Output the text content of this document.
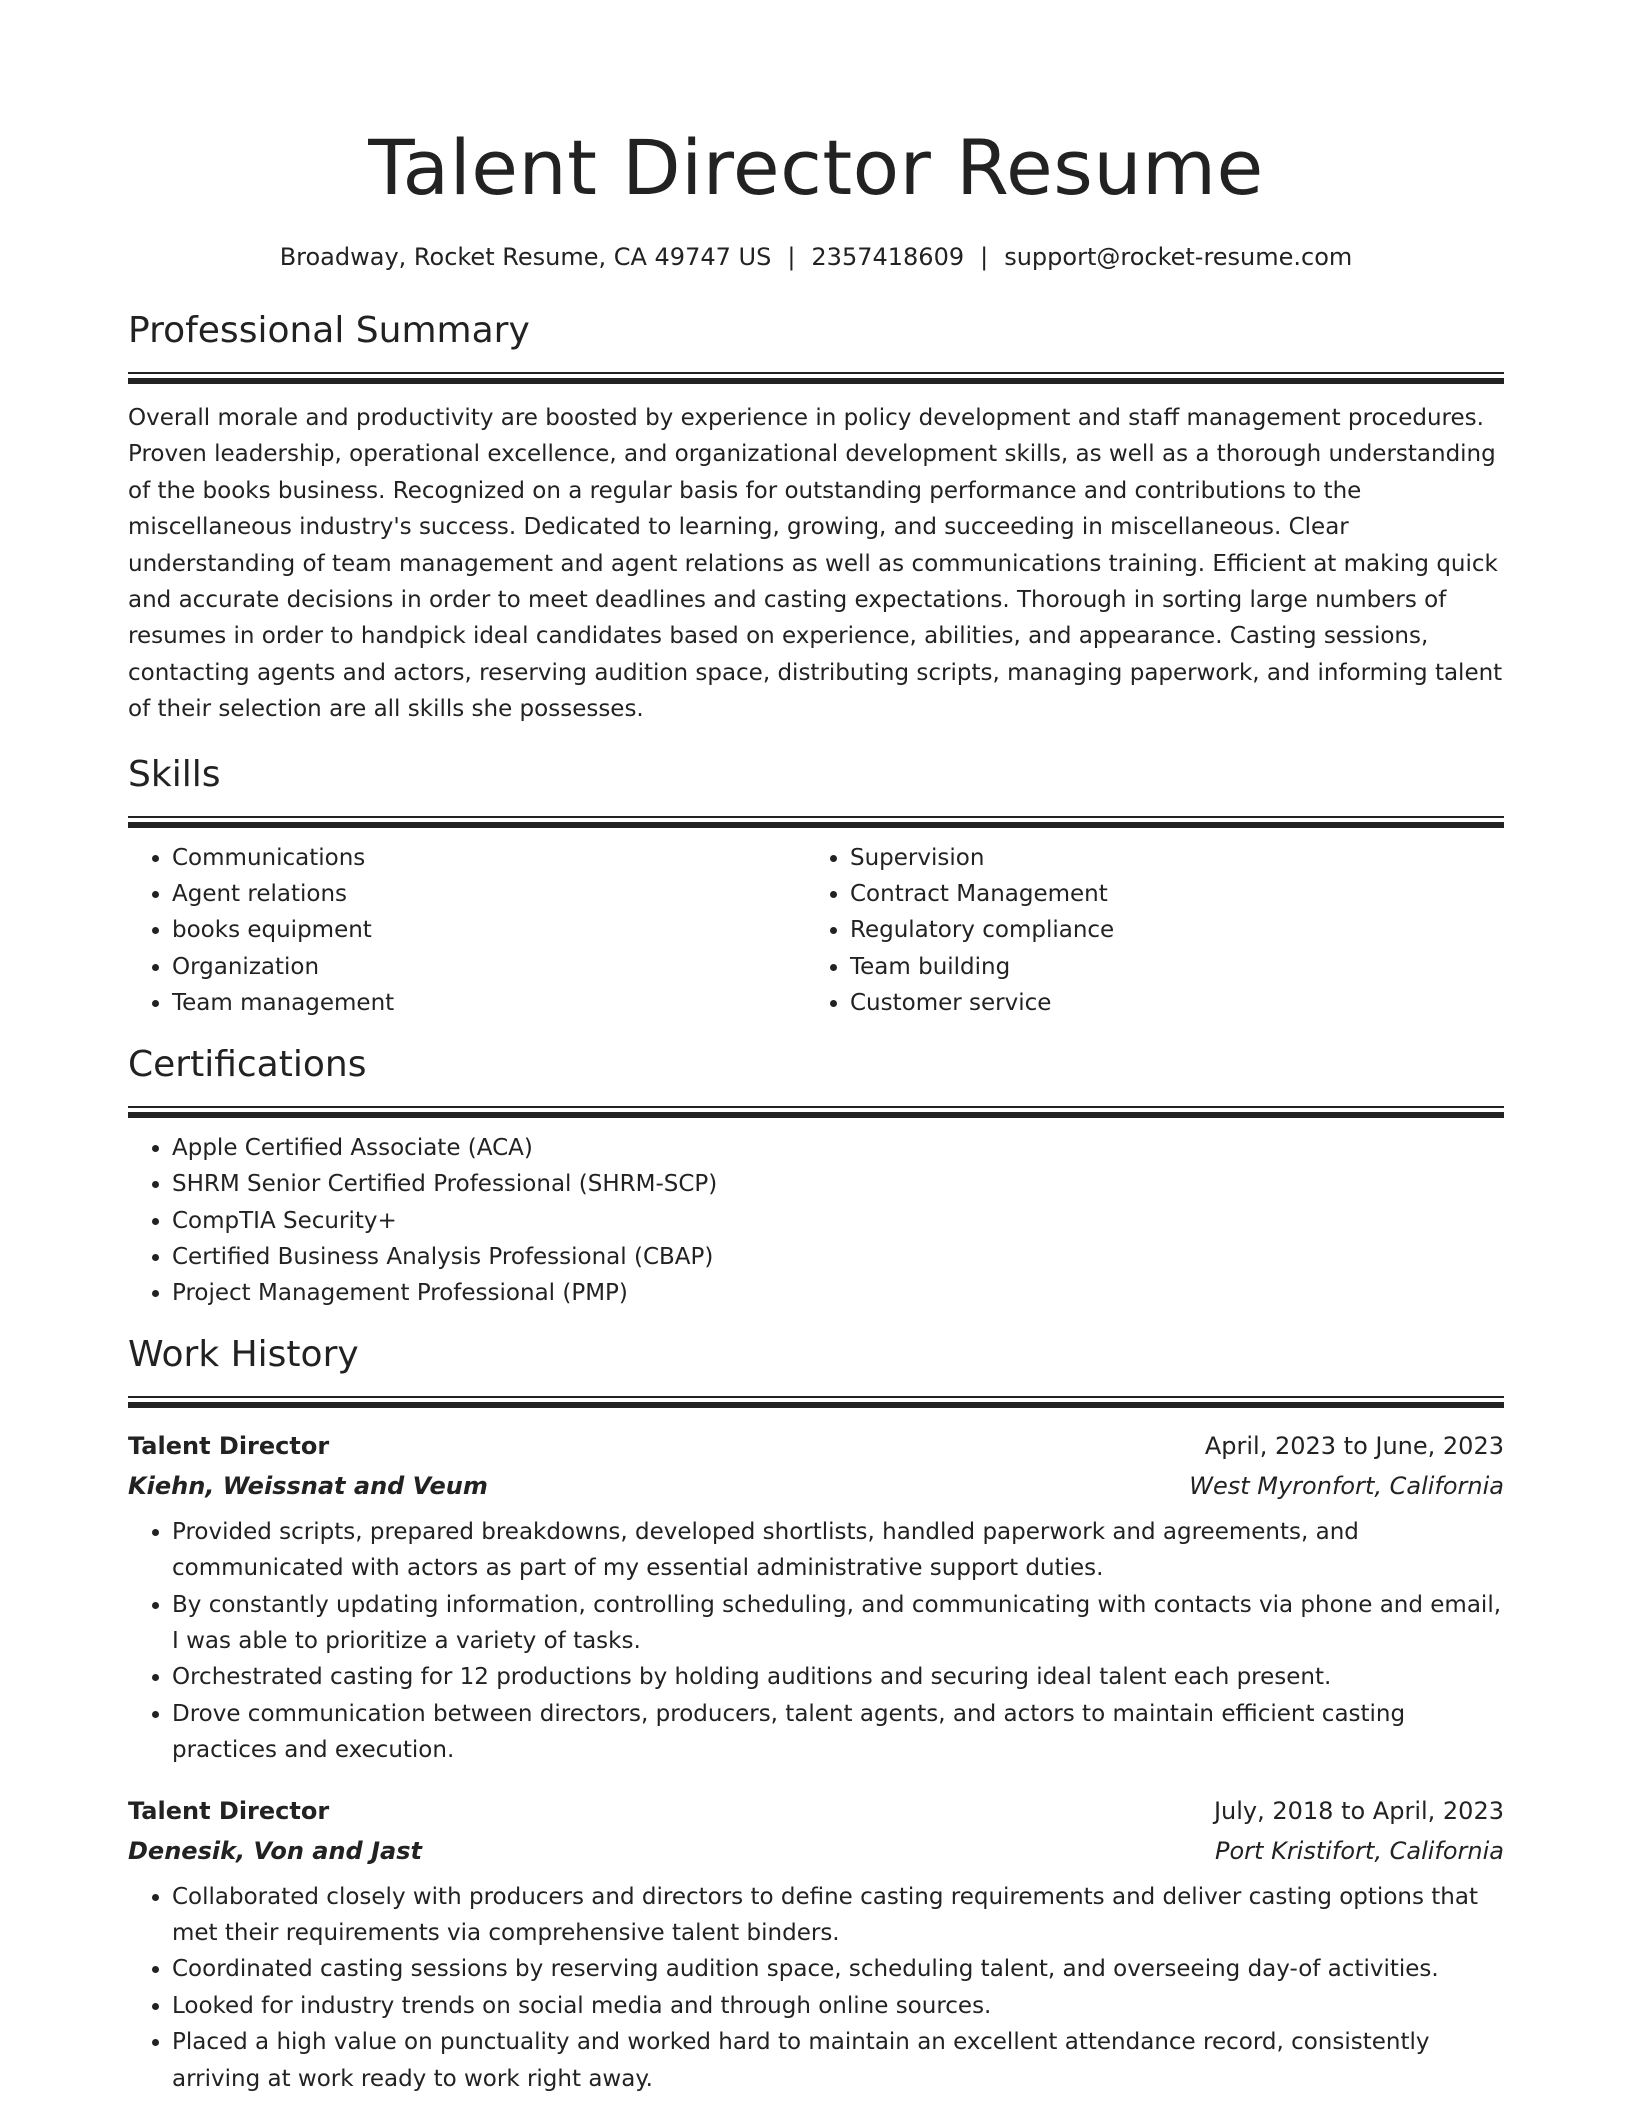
Talent Director Resume
Broadway, Rocket Resume, CA 49747 US | 2357418609 | support@rocket-resume.com
Professional Summary

Overall morale and productivity are boosted by experience in policy development and staff management procedures. Proven leadership, operational excellence, and organizational development skills, as well as a thorough understanding of the books business. Recognized on a regular basis for outstanding performance and contributions to the miscellaneous industry's success. Dedicated to learning, growing, and succeeding in miscellaneous. Clear understanding of team management and agent relations as well as communications training. Efficient at making quick and accurate decisions in order to meet deadlines and casting expectations. Thorough in sorting large numbers of resumes in order to handpick ideal candidates based on experience, abilities, and appearance. Casting sessions, contacting agents and actors, reserving audition space, distributing scripts, managing paperwork, and informing talent of their selection are all skills she possesses.

Skills
• Communications
• Agent relations
• books equipment
• Organization
• Team management
• Supervision
• Contract Management
• Regulatory compliance
• Team building
• Customer service
Certifications
• Apple Certified Associate (ACA)
• SHRM Senior Certified Professional (SHRM-SCP)
• CompTIA Security+
• Certified Business Analysis Professional (CBAP)
• Project Management Professional (PMP)
Work History
Talent Director	April, 2023 to June, 2023
Kiehn, Weissnat and Veum	West Myronfort, California
• Provided scripts, prepared breakdowns, developed shortlists, handled paperwork and agreements, and communicated with actors as part of my essential administrative support duties.
• By constantly updating information, controlling scheduling, and communicating with contacts via phone and email, I was able to prioritize a variety of tasks.
• Orchestrated casting for 12 productions by holding auditions and securing ideal talent each present.
• Drove communication between directors, producers, talent agents, and actors to maintain efficient casting practices and execution.
Talent Director	July, 2018 to April, 2023
Denesik, Von and Jast	Port Kristifort, California
• Collaborated closely with producers and directors to define casting requirements and deliver casting options that met their requirements via comprehensive talent binders.
• Coordinated casting sessions by reserving audition space, scheduling talent, and overseeing day-of activities.
• Looked for industry trends on social media and through online sources.
• Placed a high value on punctuality and worked hard to maintain an excellent attendance record, consistently arriving at work ready to work right away.
